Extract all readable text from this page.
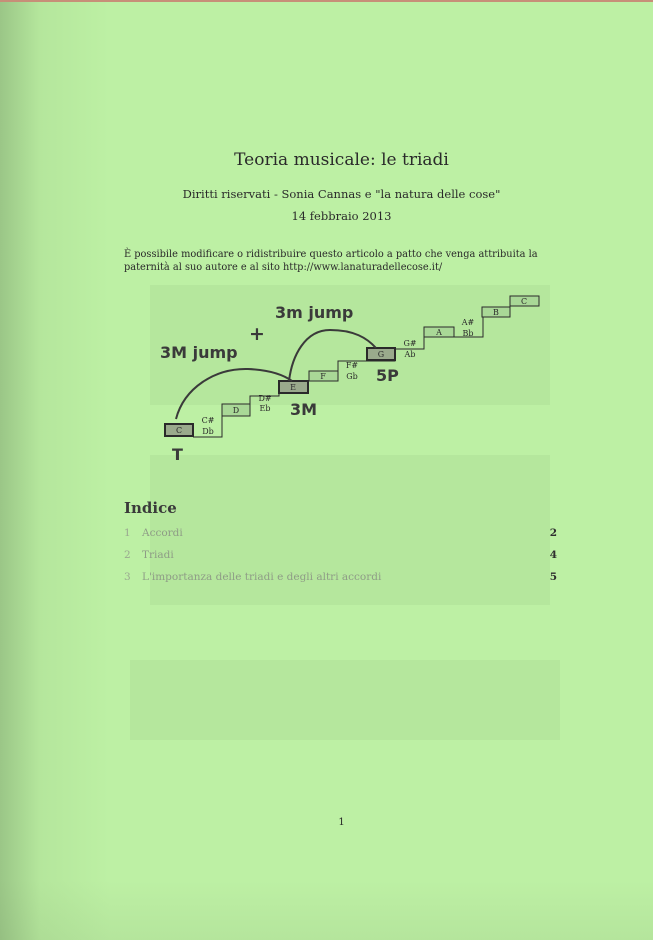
Teoria musicale: le triadi
Diritti riservati - Sonia Cannas e "la natura delle cose"
14 febbraio 2013
È possibile modificare o ridistribuire questo articolo a patto che venga attribuita la paternità al suo autore e al sito http://www.lanaturadellecose.it/
C
D
E
F
G
A
B
C
C#
Db
D#
Eb
F#
Gb
G#
Ab
A#
Bb
3M jump
+
3m jump
T
3M
5P
Indice
1 Accordi	2
2 Triadi	4
3 L'importanza delle triadi e degli altri accordi	5
1
